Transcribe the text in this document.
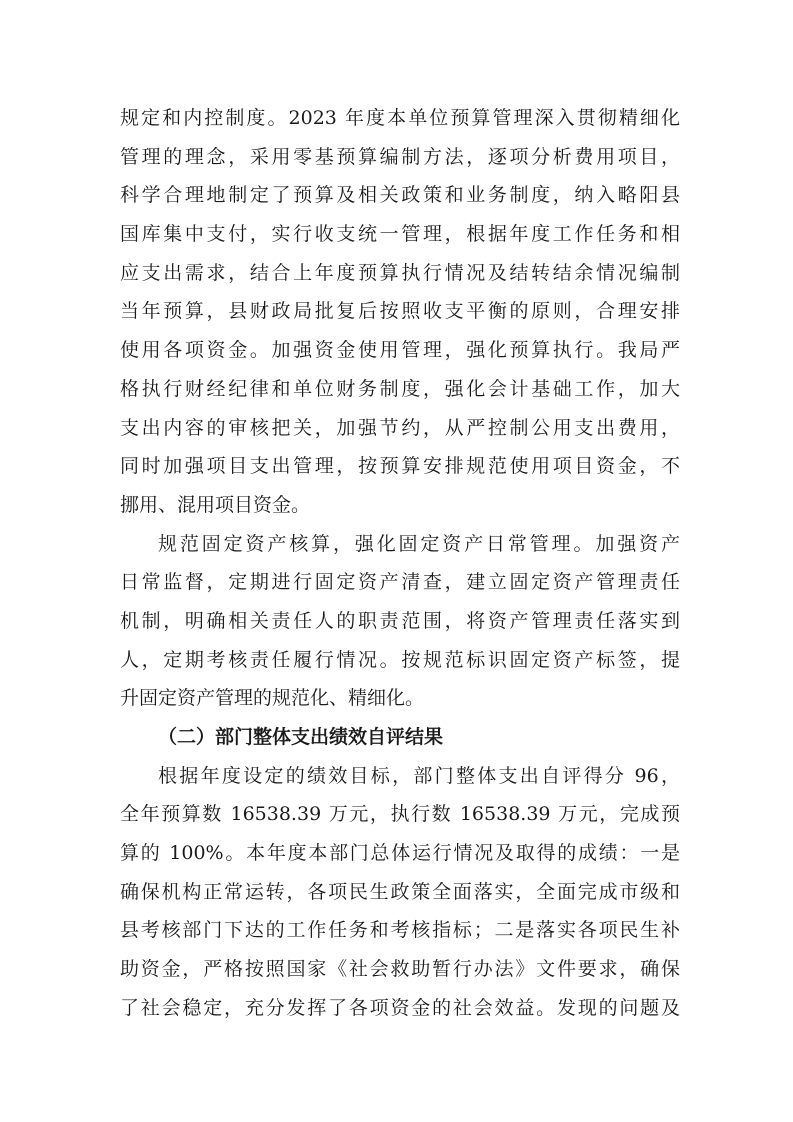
规定和内控制度。2023 年度本单位预算管理深入贯彻精细化
管理的理念，采用零基预算编制方法，逐项分析费用项目，
科学合理地制定了预算及相关政策和业务制度，纳入略阳县
国库集中支付，实行收支统一管理，根据年度工作任务和相
应支出需求，结合上年度预算执行情况及结转结余情况编制
当年预算，县财政局批复后按照收支平衡的原则，合理安排
使用各项资金。加强资金使用管理，强化预算执行。我局严
格执行财经纪律和单位财务制度，强化会计基础工作，加大
支出内容的审核把关，加强节约，从严控制公用支出费用，
同时加强项目支出管理，按预算安排规范使用项目资金，不
挪用、混用项目资金。
规范固定资产核算，强化固定资产日常管理。加强资产
日常监督，定期进行固定资产清查，建立固定资产管理责任
机制，明确相关责任人的职责范围，将资产管理责任落实到
人，定期考核责任履行情况。按规范标识固定资产标签，提
升固定资产管理的规范化、精细化。
（二）部门整体支出绩效自评结果
根据年度设定的绩效目标，部门整体支出自评得分 96，
全年预算数 16538.39 万元，执行数 16538.39 万元，完成预
算的 100%。本年度本部门总体运行情况及取得的成绩：一是
确保机构正常运转，各项民生政策全面落实，全面完成市级和
县考核部门下达的工作任务和考核指标；二是落实各项民生补
助资金，严格按照国家《社会救助暂行办法》文件要求，确保
了社会稳定，充分发挥了各项资金的社会效益。发现的问题及
